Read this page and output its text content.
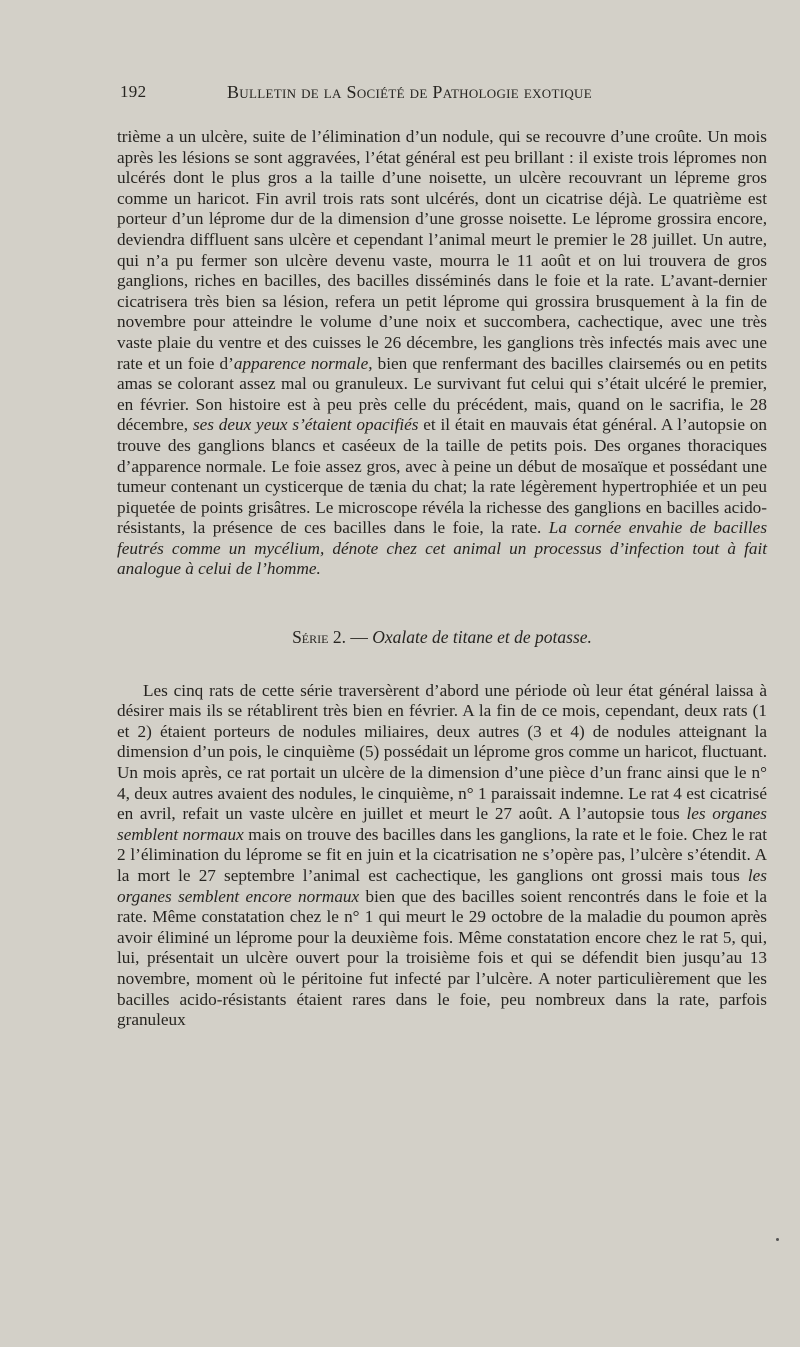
192	Bulletin de la Société de Pathologie exotique

trième a un ulcère, suite de l’élimination d’un nodule, qui se recouvre d’une croûte. Un mois après les lésions se sont aggravées, l’état général est peu brillant : il existe trois lépromes non ulcérés dont le plus gros a la taille d’une noisette, un ulcère recouvrant un lépreme gros comme un haricot. Fin avril trois rats sont ulcérés, dont un cicatrise déjà. Le quatrième est porteur d’un léprome dur de la dimension d’une grosse noisette. Le léprome grossira encore, deviendra diffluent sans ulcère et cependant l’animal meurt le premier le 28 juillet. Un autre, qui n’a pu fermer son ulcère devenu vaste, mourra le 11 août et on lui trouvera de gros ganglions, riches en bacilles, des bacilles disséminés dans le foie et la rate. L’avant-dernier cicatrisera très bien sa lésion, refera un petit léprome qui grossira brusquement à la fin de novembre pour atteindre le volume d’une noix et succombera, cachectique, avec une très vaste plaie du ventre et des cuisses le 26 décembre, les ganglions très infectés mais avec une rate et un foie d’apparence normale, bien que renfermant des bacilles clairsemés ou en petits amas se colorant assez mal ou granuleux. Le survivant fut celui qui s’était ulcéré le premier, en février. Son histoire est à peu près celle du précédent, mais, quand on le sacrifia, le 28 décembre, ses deux yeux s’étaient opacifiés et il était en mauvais état général. A l’autopsie on trouve des ganglions blancs et caséeux de la taille de petits pois. Des organes thoraciques d’apparence normale. Le foie assez gros, avec à peine un début de mosaïque et possédant une tumeur contenant un cysticerque de tænia du chat; la rate légèrement hypertrophiée et un peu piquetée de points grisâtres. Le microscope révéla la richesse des ganglions en bacilles acido-résistants, la présence de ces bacilles dans le foie, la rate. La cornée envahie de bacilles feutrés comme un mycélium, dénote chez cet animal un processus d’infection tout à fait analogue à celui de l’homme.

Série 2. — Oxalate de titane et de potasse.

Les cinq rats de cette série traversèrent d’abord une période où leur état général laissa à désirer mais ils se rétablirent très bien en février. A la fin de ce mois, cependant, deux rats (1 et 2) étaient porteurs de nodules miliaires, deux autres (3 et 4) de nodules atteignant la dimension d’un pois, le cinquième (5) possédait un léprome gros comme un haricot, fluctuant. Un mois après, ce rat portait un ulcère de la dimension d’une pièce d’un franc ainsi que le n° 4, deux autres avaient des nodules, le cinquième, n° 1 paraissait indemne. Le rat 4 est cicatrisé en avril, refait un vaste ulcère en juillet et meurt le 27 août. A l’autopsie tous les organes semblent normaux mais on trouve des bacilles dans les ganglions, la rate et le foie. Chez le rat 2 l’élimination du léprome se fit en juin et la cicatrisation ne s’opère pas, l’ulcère s’étendit. A la mort le 27 septembre l’animal est cachectique, les ganglions ont grossi mais tous les organes semblent encore normaux bien que des bacilles soient rencontrés dans le foie et la rate. Même constatation chez le n° 1 qui meurt le 29 octobre de la maladie du poumon après avoir éliminé un léprome pour la deuxième fois. Même constatation encore chez le rat 5, qui, lui, présentait un ulcère ouvert pour la troisième fois et qui se défendit bien jusqu’au 13 novembre, moment où le péritoine fut infecté par l’ulcère. A noter particulièrement que les bacilles acido-résistants étaient rares dans le foie, peu nombreux dans la rate, parfois granuleux
